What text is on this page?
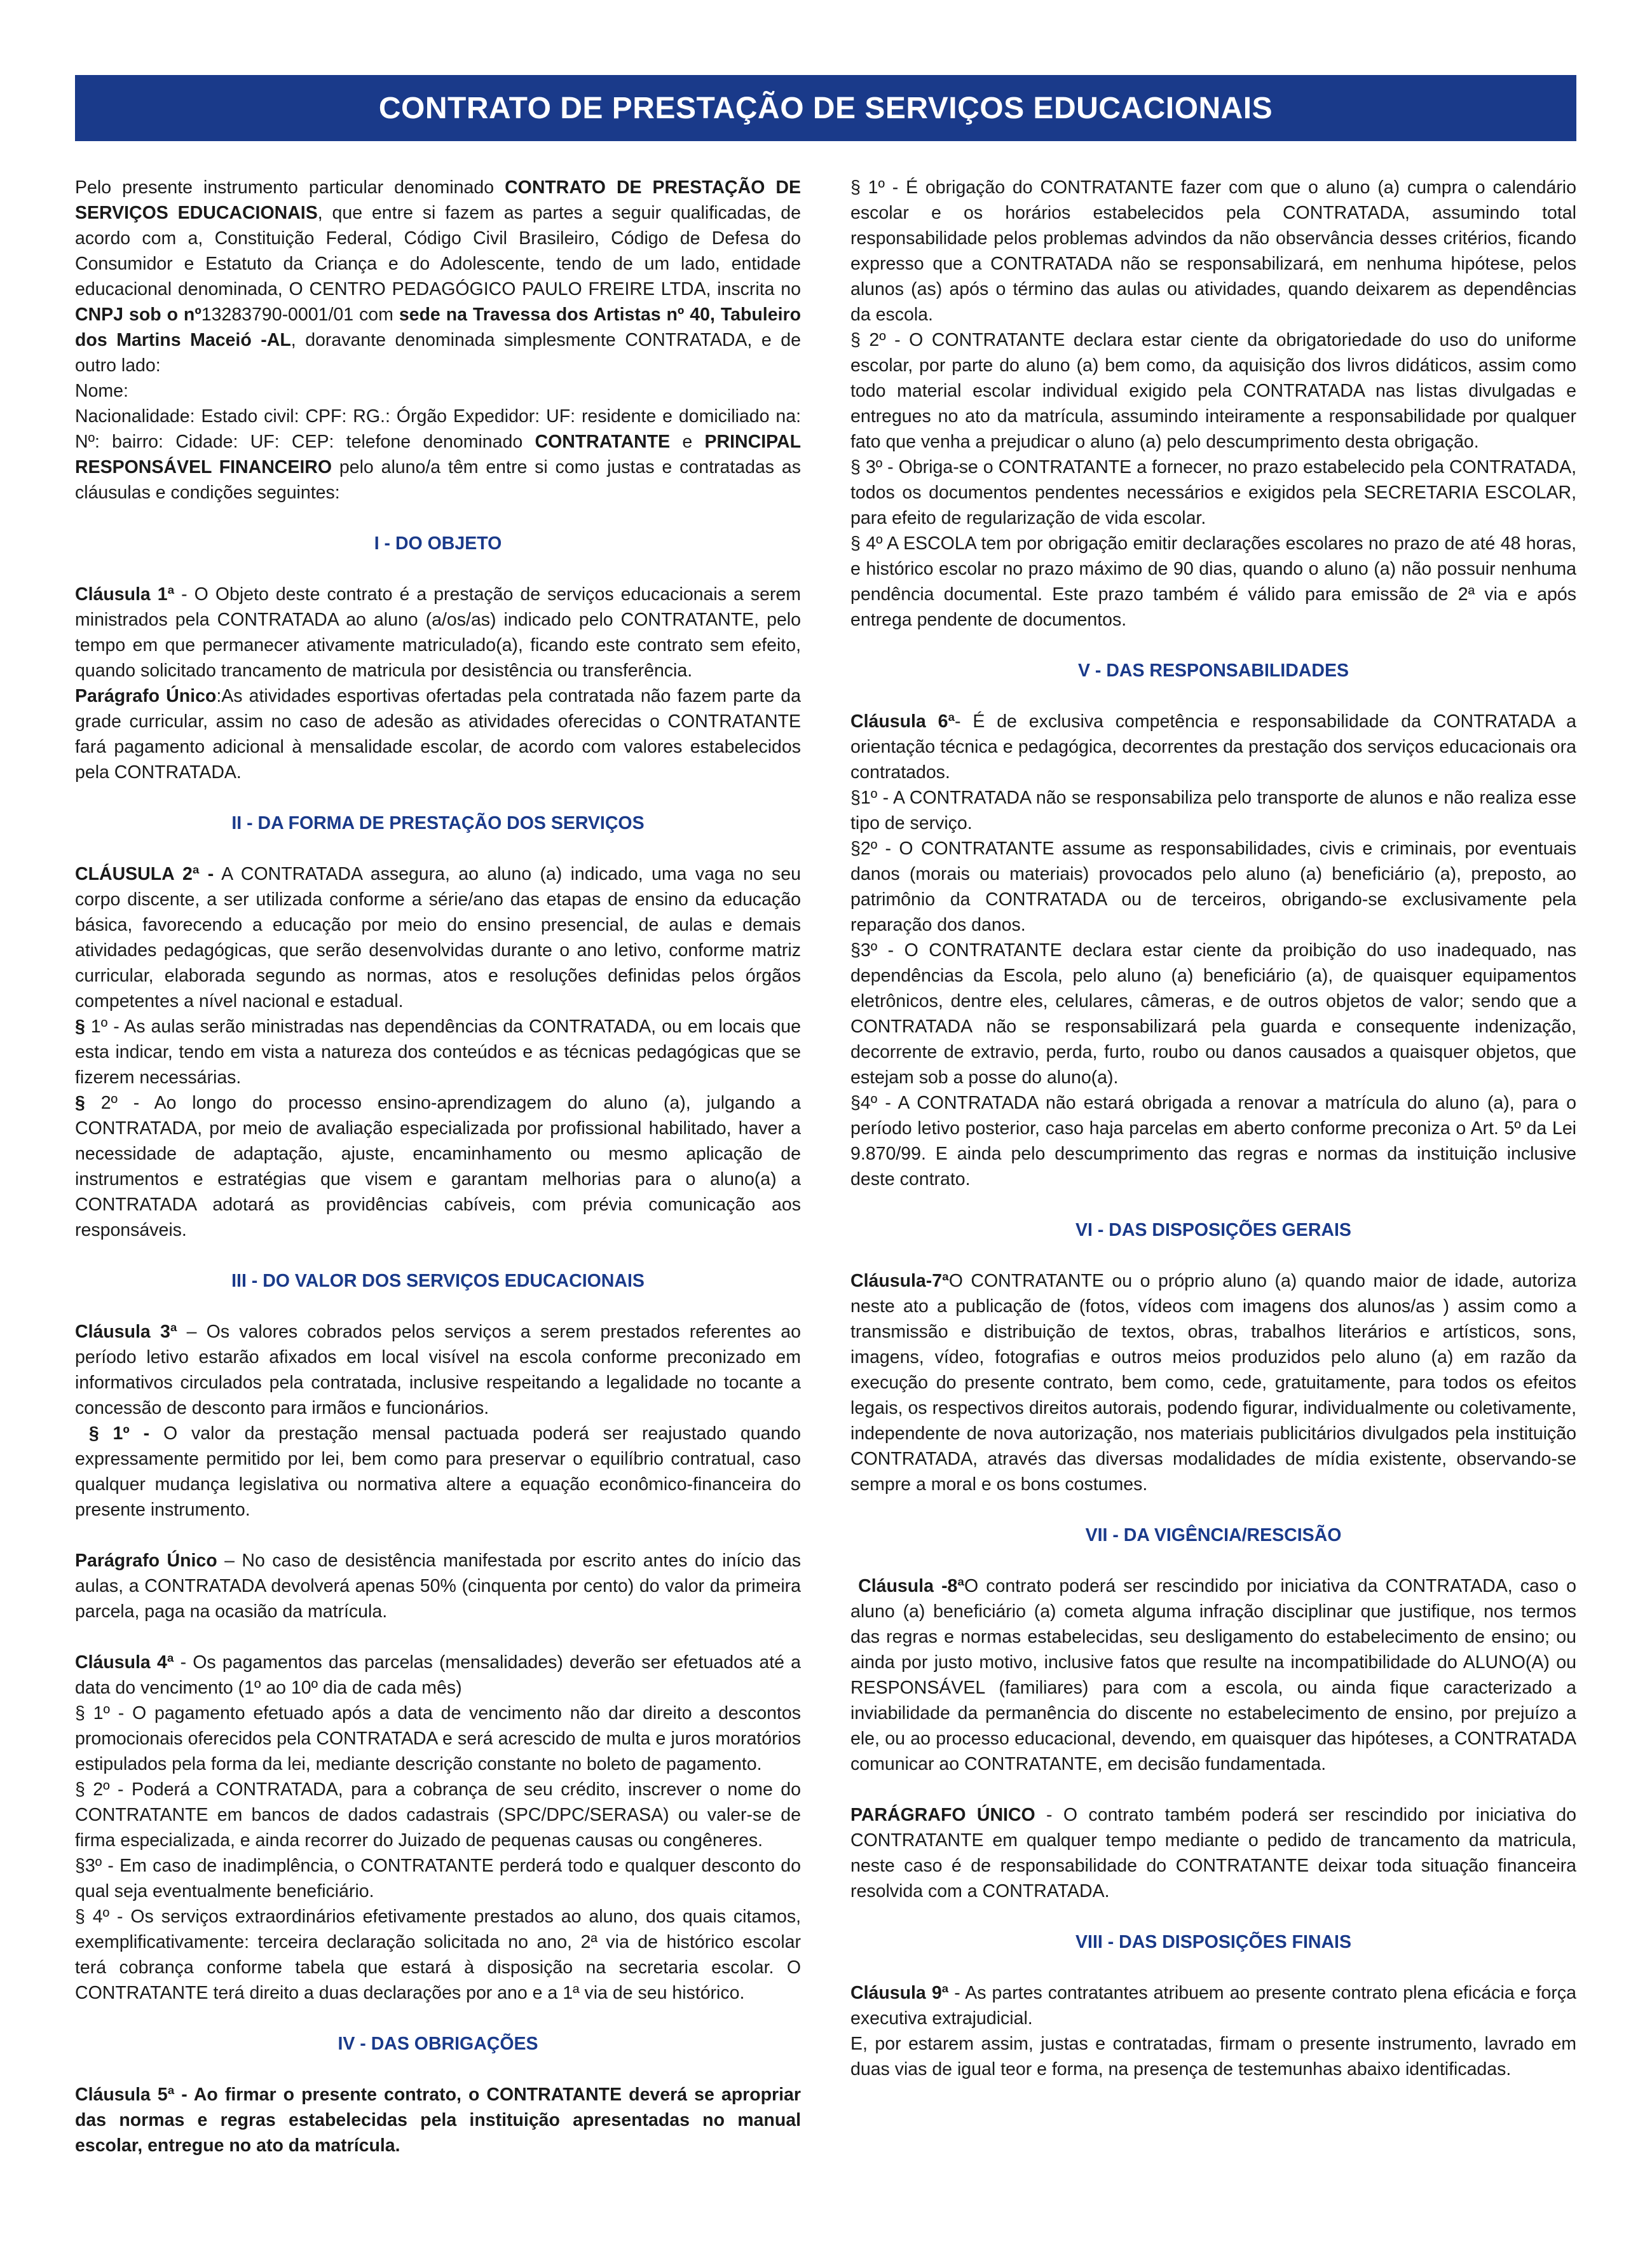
CONTRATO DE PRESTAÇÃO DE SERVIÇOS EDUCACIONAIS

Pelo presente instrumento particular denominado CONTRATO DE PRESTAÇÃO DE SERVIÇOS EDUCACIONAIS, que entre si fazem as partes a seguir qualificadas, de acordo com a, Constituição Federal, Código Civil Brasileiro, Código de Defesa do Consumidor e Estatuto da Criança e do Adolescente, tendo de um lado, entidade educacional denominada, O CENTRO PEDAGÓGICO PAULO FREIRE LTDA, inscrita no CNPJ sob o nº13283790-0001/01 com sede na Travessa dos Artistas nº 40, Tabuleiro dos Martins Maceió -AL, doravante denominada simplesmente CONTRATADA, e de outro lado:

Nome:

Nacionalidade: Estado civil: CPF: RG.: Órgão Expedidor: UF: residente e domiciliado na: Nº: bairro: Cidade: UF: CEP: telefone denominado CONTRATANTE e PRINCIPAL RESPONSÁVEL FINANCEIRO pelo aluno/a têm entre si como justas e contratadas as cláusulas e condições seguintes:

I - DO OBJETO

Cláusula 1ª - O Objeto deste contrato é a prestação de serviços educacionais a serem ministrados pela CONTRATADA ao aluno (a/os/as) indicado pelo CONTRATANTE, pelo tempo em que permanecer ativamente matriculado(a), ficando este contrato sem efeito, quando solicitado trancamento de matricula por desistência ou transferência.

Parágrafo Único:As atividades esportivas ofertadas pela contratada não fazem parte da grade curricular, assim no caso de adesão as atividades oferecidas o CONTRATANTE fará pagamento adicional à mensalidade escolar, de acordo com valores estabelecidos pela CONTRATADA.

II - DA FORMA DE PRESTAÇÃO DOS SERVIÇOS

CLÁUSULA 2ª - A CONTRATADA assegura, ao aluno (a) indicado, uma vaga no seu corpo discente, a ser utilizada conforme a série/ano das etapas de ensino da educação básica, favorecendo a educação por meio do ensino presencial, de aulas e demais atividades pedagógicas, que serão desenvolvidas durante o ano letivo, conforme matriz curricular, elaborada segundo as normas, atos e resoluções definidas pelos órgãos competentes a nível nacional e estadual.

§ 1º - As aulas serão ministradas nas dependências da CONTRATADA, ou em locais que esta indicar, tendo em vista a natureza dos conteúdos e as técnicas pedagógicas que se fizerem necessárias.

§ 2º - Ao longo do processo ensino-aprendizagem do aluno (a), julgando a CONTRATADA, por meio de avaliação especializada por profissional habilitado, haver a necessidade de adaptação, ajuste, encaminhamento ou mesmo aplicação de instrumentos e estratégias que visem e garantam melhorias para o aluno(a) a CONTRATADA adotará as providências cabíveis, com prévia comunicação aos responsáveis.

III - DO VALOR DOS SERVIÇOS EDUCACIONAIS

Cláusula 3ª – Os valores cobrados pelos serviços a serem prestados referentes ao período letivo estarão afixados em local visível na escola conforme preconizado em informativos circulados pela contratada, inclusive respeitando a legalidade no tocante a concessão de desconto para irmãos e funcionários.

§ 1º - O valor da prestação mensal pactuada poderá ser reajustado quando expressamente permitido por lei, bem como para preservar o equilíbrio contratual, caso qualquer mudança legislativa ou normativa altere a equação econômico-financeira do presente instrumento.

Parágrafo Único – No caso de desistência manifestada por escrito antes do início das aulas, a CONTRATADA devolverá apenas 50% (cinquenta por cento) do valor da primeira parcela, paga na ocasião da matrícula.

Cláusula 4ª - Os pagamentos das parcelas (mensalidades) deverão ser efetuados até a data do vencimento (1º ao 10º dia de cada mês)

§ 1º - O pagamento efetuado após a data de vencimento não dar direito a descontos promocionais oferecidos pela CONTRATADA e será acrescido de multa e juros moratórios estipulados pela forma da lei, mediante descrição constante no boleto de pagamento.

§ 2º - Poderá a CONTRATADA, para a cobrança de seu crédito, inscrever o nome do CONTRATANTE em bancos de dados cadastrais (SPC/DPC/SERASA) ou valer-se de firma especializada, e ainda recorrer do Juizado de pequenas causas ou congêneres.

§3º - Em caso de inadimplência, o CONTRATANTE perderá todo e qualquer desconto do qual seja eventualmente beneficiário.

§ 4º - Os serviços extraordinários efetivamente prestados ao aluno, dos quais citamos, exemplificativamente: terceira declaração solicitada no ano, 2ª via de histórico escolar terá cobrança conforme tabela que estará à disposição na secretaria escolar. O CONTRATANTE terá direito a duas declarações por ano e a 1ª via de seu histórico.

IV - DAS OBRIGAÇÕES

Cláusula 5ª - Ao firmar o presente contrato, o CONTRATANTE deverá se apropriar das normas e regras estabelecidas pela instituição apresentadas no manual escolar, entregue no ato da matrícula.

§ 1º - É obrigação do CONTRATANTE fazer com que o aluno (a) cumpra o calendário escolar e os horários estabelecidos pela CONTRATADA, assumindo total responsabilidade pelos problemas advindos da não observância desses critérios, ficando expresso que a CONTRATADA não se responsabilizará, em nenhuma hipótese, pelos alunos (as) após o término das aulas ou atividades, quando deixarem as dependências da escola.

§ 2º - O CONTRATANTE declara estar ciente da obrigatoriedade do uso do uniforme escolar, por parte do aluno (a) bem como, da aquisição dos livros didáticos, assim como todo material escolar individual exigido pela CONTRATADA nas listas divulgadas e entregues no ato da matrícula, assumindo inteiramente a responsabilidade por qualquer fato que venha a prejudicar o aluno (a) pelo descumprimento desta obrigação.

§ 3º - Obriga-se o CONTRATANTE a fornecer, no prazo estabelecido pela CONTRATADA, todos os documentos pendentes necessários e exigidos pela SECRETARIA ESCOLAR, para efeito de regularização de vida escolar.

§ 4º A ESCOLA tem por obrigação emitir declarações escolares no prazo de até 48 horas, e histórico escolar no prazo máximo de 90 dias, quando o aluno (a) não possuir nenhuma pendência documental. Este prazo também é válido para emissão de 2ª via e após entrega pendente de documentos.

V - DAS RESPONSABILIDADES

Cláusula 6ª- É de exclusiva competência e responsabilidade da CONTRATADA a orientação técnica e pedagógica, decorrentes da prestação dos serviços educacionais ora contratados.

§1º - A CONTRATADA não se responsabiliza pelo transporte de alunos e não realiza esse tipo de serviço.

§2º - O CONTRATANTE assume as responsabilidades, civis e criminais, por eventuais danos (morais ou materiais) provocados pelo aluno (a) beneficiário (a), preposto, ao patrimônio da CONTRATADA ou de terceiros, obrigando-se exclusivamente pela reparação dos danos.

§3º - O CONTRATANTE declara estar ciente da proibição do uso inadequado, nas dependências da Escola, pelo aluno (a) beneficiário (a), de quaisquer equipamentos eletrônicos, dentre eles, celulares, câmeras, e de outros objetos de valor; sendo que a CONTRATADA não se responsabilizará pela guarda e consequente indenização, decorrente de extravio, perda, furto, roubo ou danos causados a quaisquer objetos, que estejam sob a posse do aluno(a).

§4º - A CONTRATADA não estará obrigada a renovar a matrícula do aluno (a), para o período letivo posterior, caso haja parcelas em aberto conforme preconiza o Art. 5º da Lei 9.870/99. E ainda pelo descumprimento das regras e normas da instituição inclusive deste contrato.

VI - DAS DISPOSIÇÕES GERAIS

Cláusula-7ªO CONTRATANTE ou o próprio aluno (a) quando maior de idade, autoriza neste ato a publicação de (fotos, vídeos com imagens dos alunos/as ) assim como a transmissão e distribuição de textos, obras, trabalhos literários e artísticos, sons, imagens, vídeo, fotografias e outros meios produzidos pelo aluno (a) em razão da execução do presente contrato, bem como, cede, gratuitamente, para todos os efeitos legais, os respectivos direitos autorais, podendo figurar, individualmente ou coletivamente, independente de nova autorização, nos materiais publicitários divulgados pela instituição CONTRATADA, através das diversas modalidades de mídia existente, observando-se sempre a moral e os bons costumes.

VII - DA VIGÊNCIA/RESCISÃO

Cláusula -8ªO contrato poderá ser rescindido por iniciativa da CONTRATADA, caso o aluno (a) beneficiário (a) cometa alguma infração disciplinar que justifique, nos termos das regras e normas estabelecidas, seu desligamento do estabelecimento de ensino; ou ainda por justo motivo, inclusive fatos que resulte na incompatibilidade do ALUNO(A) ou RESPONSÁVEL (familiares) para com a escola, ou ainda fique caracterizado a inviabilidade da permanência do discente no estabelecimento de ensino, por prejuízo a ele, ou ao processo educacional, devendo, em quaisquer das hipóteses, a CONTRATADA comunicar ao CONTRATANTE, em decisão fundamentada.

PARÁGRAFO ÚNICO - O contrato também poderá ser rescindido por iniciativa do CONTRATANTE em qualquer tempo mediante o pedido de trancamento da matricula, neste caso é de responsabilidade do CONTRATANTE deixar toda situação financeira resolvida com a CONTRATADA.

VIII - DAS DISPOSIÇÕES FINAIS

Cláusula 9ª - As partes contratantes atribuem ao presente contrato plena eficácia e força executiva extrajudicial.

E, por estarem assim, justas e contratadas, firmam o presente instrumento, lavrado em duas vias de igual teor e forma, na presença de testemunhas abaixo identificadas.
